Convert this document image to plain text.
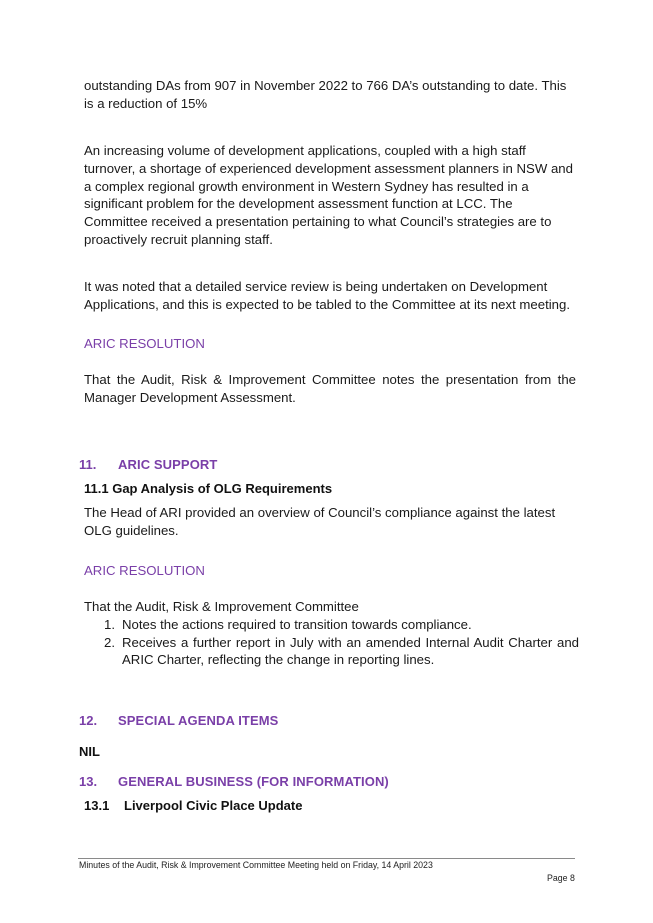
outstanding DAs from 907 in November 2022 to 766 DA’s outstanding to date. This is a reduction of 15%
An increasing volume of development applications, coupled with a high staff turnover, a shortage of experienced development assessment planners in NSW and a complex regional growth environment in Western Sydney has resulted in a significant problem for the development assessment function at LCC. The Committee received a presentation pertaining to what Council’s strategies are to proactively recruit planning staff.
It was noted that a detailed service review is being undertaken on Development Applications, and this is expected to be tabled to the Committee at its next meeting.
ARIC RESOLUTION
That the Audit, Risk & Improvement Committee notes the presentation from the Manager Development Assessment.
11. ARIC SUPPORT
11.1 Gap Analysis of OLG Requirements
The Head of ARI provided an overview of Council’s compliance against the latest OLG guidelines.
ARIC RESOLUTION
That the Audit, Risk & Improvement Committee
1. Notes the actions required to transition towards compliance.
2. Receives a further report in July with an amended Internal Audit Charter and ARIC Charter, reflecting the change in reporting lines.
12. SPECIAL AGENDA ITEMS
NIL
13. GENERAL BUSINESS (FOR INFORMATION)
13.1 Liverpool Civic Place Update
Minutes of the Audit, Risk & Improvement Committee Meeting held on Friday, 14 April 2023
Page 8
